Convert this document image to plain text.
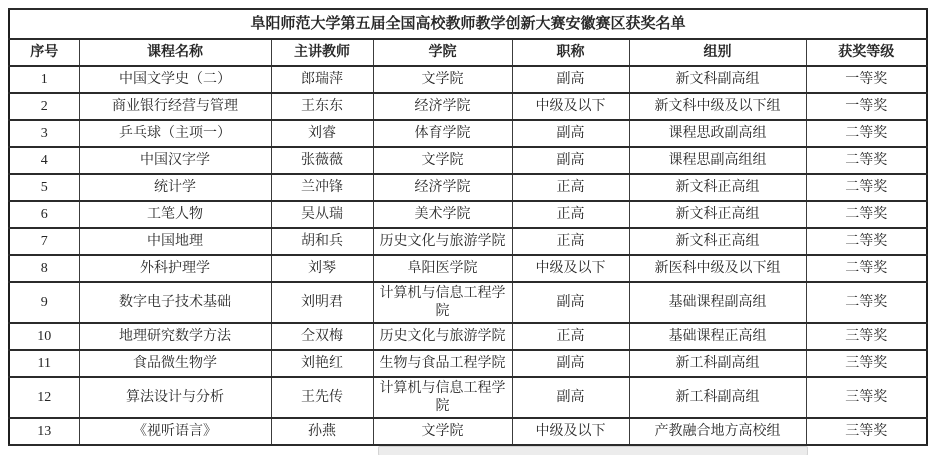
阜阳师范大学第五届全国高校教师教学创新大赛安徽赛区获奖名单						
序号	课程名称	主讲教师	学院	职称	组别	获奖等级
1	中国文学史（二）	郎瑞萍	文学院	副高	新文科副高组	一等奖
2	商业银行经营与管理	王东东	经济学院	中级及以下	新文科中级及以下组	一等奖
3	乒乓球（主项一）	刘睿	体育学院	副高	课程思政副高组	二等奖
4	中国汉字学	张薇薇	文学院	副高	课程思副高组组	二等奖
5	统计学	兰冲锋	经济学院	正高	新文科正高组	二等奖
6	工笔人物	吴从瑞	美术学院	正高	新文科正高组	二等奖
7	中国地理	胡和兵	历史文化与旅游学院	正高	新文科正高组	二等奖
8	外科护理学	刘琴	阜阳医学院	中级及以下	新医科中级及以下组	二等奖
9	数字电子技术基础	刘明君	计算机与信息工程学院	副高	基础课程副高组	二等奖
10	地理研究数学方法	仝双梅	历史文化与旅游学院	正高	基础课程正高组	三等奖
11	食品微生物学	刘艳红	生物与食品工程学院	副高	新工科副高组	三等奖
12	算法设计与分析	王先传	计算机与信息工程学院	副高	新工科副高组	三等奖
13	《视听语言》	孙燕	文学院	中级及以下	产教融合地方高校组	三等奖
